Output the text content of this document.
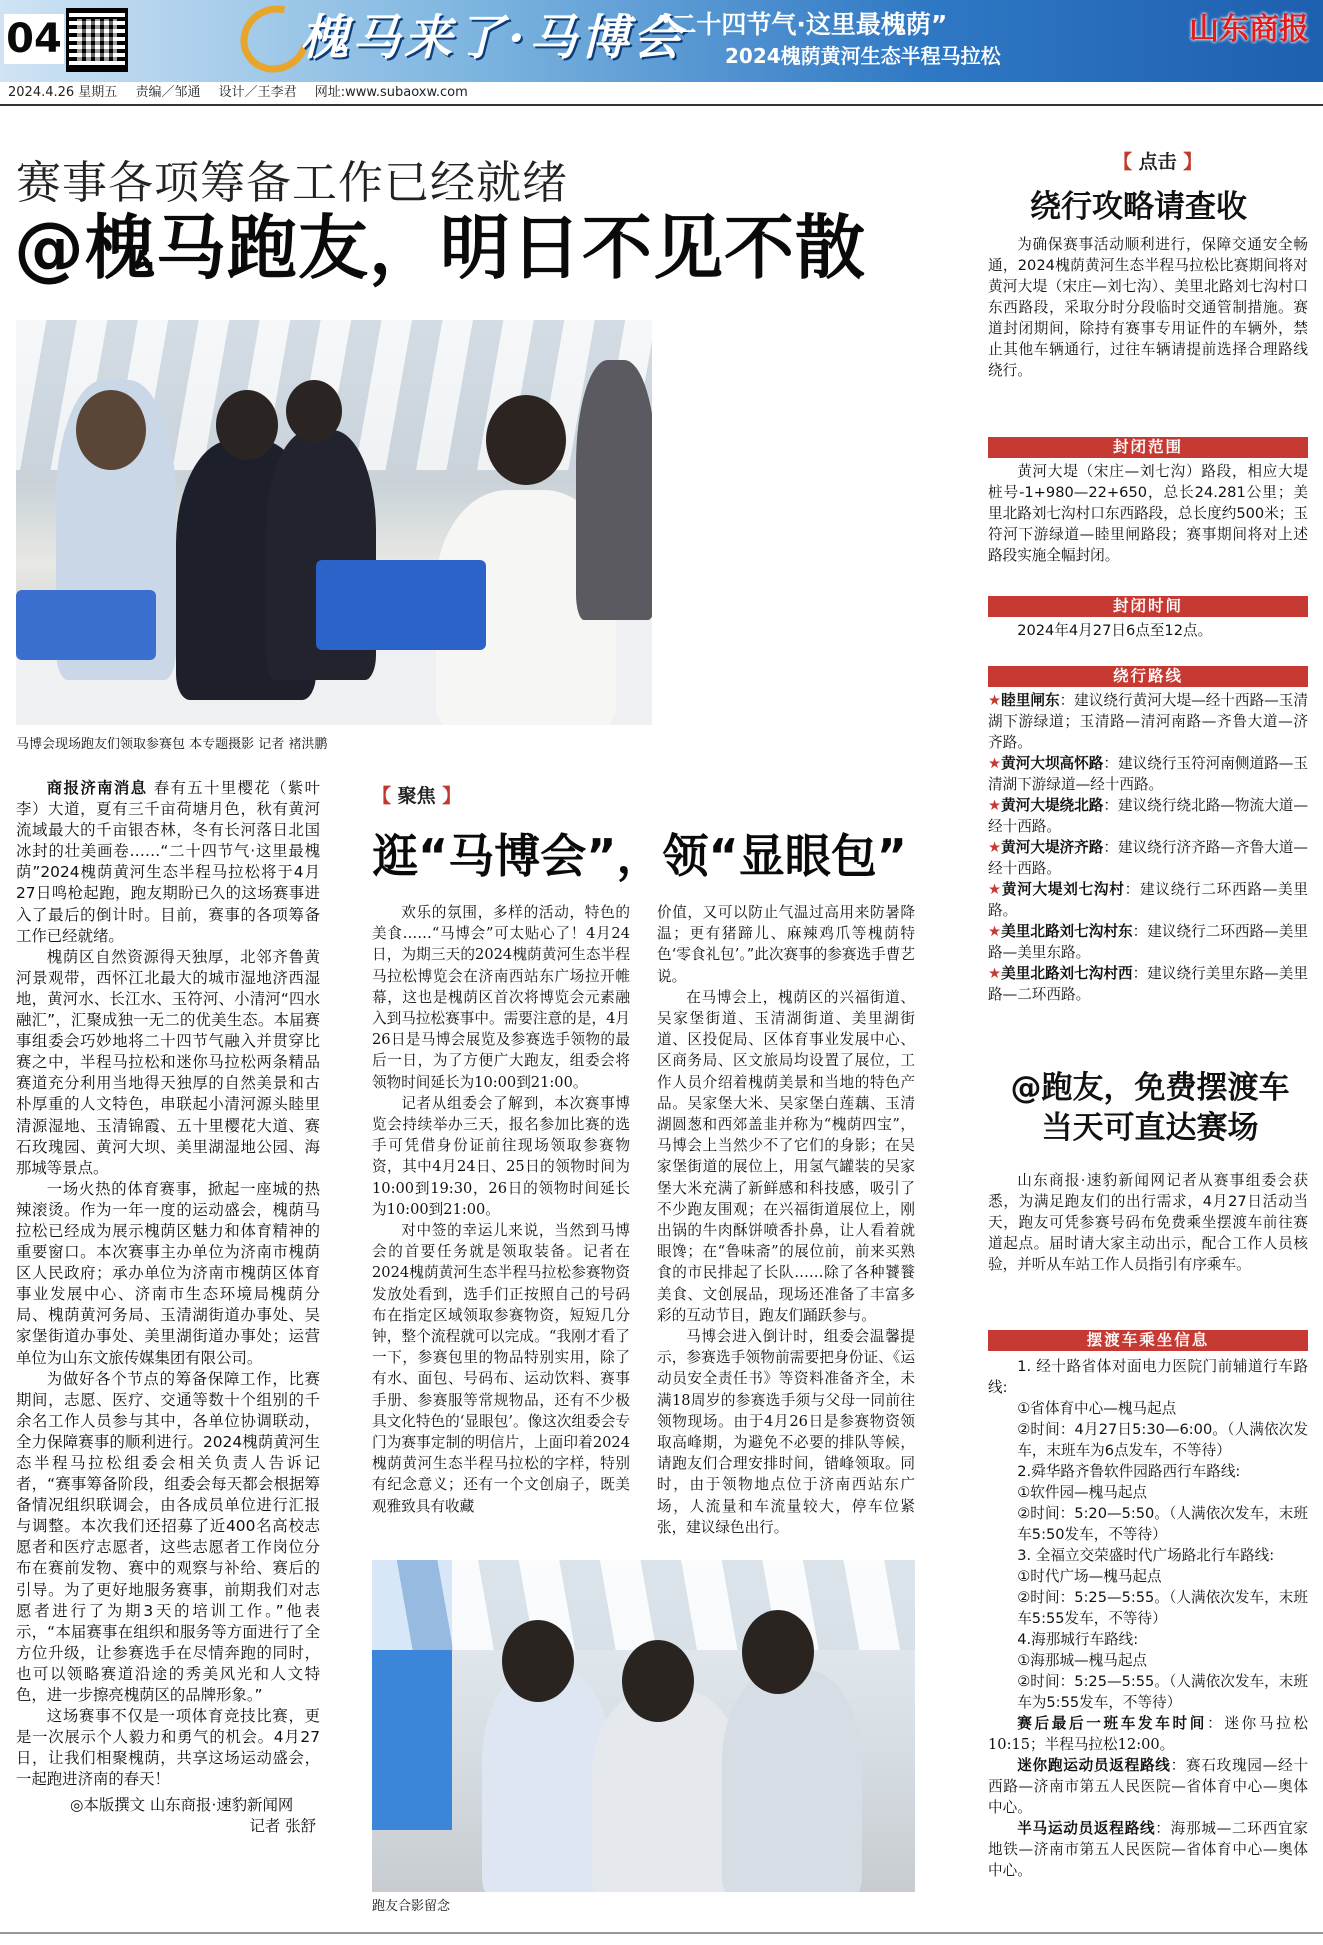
04	槐马来了·马博会
“二十四节气·这里最槐荫”
2024槐荫黄河生态半程马拉松
山东商报
2024.4.26 星期五 责编／邹通 设计／王李君 网址:www.subaoxw.com
赛事各项筹备工作已经就绪
@槐马跑友，明日不见不散
马博会现场跑友们领取参赛包 本专题摄影 记者 褚洪鹏

商报济南消息 春有五十里樱花（紫叶李）大道，夏有三千亩荷塘月色，秋有黄河流域最大的千亩银杏林，冬有长河落日北国冰封的壮美画卷……“二十四节气·这里最槐荫”2024槐荫黄河生态半程马拉松将于4月27日鸣枪起跑，跑友期盼已久的这场赛事进入了最后的倒计时。目前，赛事的各项筹备工作已经就绪。

槐荫区自然资源得天独厚，北邻齐鲁黄河景观带，西怀江北最大的城市湿地济西湿地，黄河水、长江水、玉符河、小清河“四水融汇”，汇聚成独一无二的优美生态。本届赛事组委会巧妙地将二十四节气融入并贯穿比赛之中，半程马拉松和迷你马拉松两条精品赛道充分利用当地得天独厚的自然美景和古朴厚重的人文特色，串联起小清河源头睦里清源湿地、玉清锦霞、五十里樱花大道、赛石玫瑰园、黄河大坝、美里湖湿地公园、海那城等景点。

一场火热的体育赛事，掀起一座城的热辣滚烫。作为一年一度的运动盛会，槐荫马拉松已经成为展示槐荫区魅力和体育精神的重要窗口。本次赛事主办单位为济南市槐荫区人民政府；承办单位为济南市槐荫区体育事业发展中心、济南市生态环境局槐荫分局、槐荫黄河务局、玉清湖街道办事处、吴家堡街道办事处、美里湖街道办事处；运营单位为山东文旅传媒集团有限公司。

为做好各个节点的筹备保障工作，比赛期间，志愿、医疗、交通等数十个组别的千余名工作人员参与其中，各单位协调联动，全力保障赛事的顺利进行。2024槐荫黄河生态半程马拉松组委会相关负责人告诉记者，“赛事筹备阶段，组委会每天都会根据筹备情况组织联调会，由各成员单位进行汇报与调整。本次我们还招募了近400名高校志愿者和医疗志愿者，这些志愿者工作岗位分布在赛前发物、赛中的观察与补给、赛后的引导。为了更好地服务赛事，前期我们对志愿者进行了为期3天的培训工作。”他表示，“本届赛事在组织和服务等方面进行了全方位升级，让参赛选手在尽情奔跑的同时，也可以领略赛道沿途的秀美风光和人文特色，进一步擦亮槐荫区的品牌形象。”

这场赛事不仅是一项体育竞技比赛，更是一次展示个人毅力和勇气的机会。4月27日，让我们相聚槐荫，共享这场运动盛会，一起跑进济南的春天！

◎本版撰文 山东商报·速豹新闻网

记者 张舒

【 聚焦 】
逛“马博会”，领“显眼包”

欢乐的氛围，多样的活动，特色的美食……“马博会”可太贴心了！4月24日，为期三天的2024槐荫黄河生态半程马拉松博览会在济南西站东广场拉开帷幕，这也是槐荫区首次将博览会元素融入到马拉松赛事中。需要注意的是，4月26日是马博会展览及参赛选手领物的最后一日，为了方便广大跑友，组委会将领物时间延长为10:00到21:00。

记者从组委会了解到，本次赛事博览会持续举办三天，报名参加比赛的选手可凭借身份证前往现场领取参赛物资，其中4月24日、25日的领物时间为10:00到19:30，26日的领物时间延长为10:00到21:00。

对中签的幸运儿来说，当然到马博会的首要任务就是领取装备。记者在2024槐荫黄河生态半程马拉松参赛物资发放处看到，选手们正按照自己的号码布在指定区域领取参赛物资，短短几分钟，整个流程就可以完成。“我刚才看了一下，参赛包里的物品特别实用，除了有水、面包、号码布、运动饮料、赛事手册、参赛服等常规物品，还有不少极具文化特色的‘显眼包’。像这次组委会专门为赛事定制的明信片，上面印着2024槐荫黄河生态半程马拉松的字样，特别有纪念意义；还有一个文创扇子，既美观雅致具有收藏

价值，又可以防止气温过高用来防暑降温；更有猪蹄儿、麻辣鸡爪等槐荫特色‘零食礼包’。”此次赛事的参赛选手曹艺说。

在马博会上，槐荫区的兴福街道、吴家堡街道、玉清湖街道、美里湖街道、区投促局、区体育事业发展中心、区商务局、区文旅局均设置了展位，工作人员介绍着槐荫美景和当地的特色产品。吴家堡大米、吴家堡白莲藕、玉清湖圆葱和西郊盖韭并称为“槐荫四宝”，马博会上当然少不了它们的身影；在吴家堡街道的展位上，用氢气罐装的吴家堡大米充满了新鲜感和科技感，吸引了不少跑友围观；在兴福街道展位上，刚出锅的牛肉酥饼喷香扑鼻，让人看着就眼馋；在“鲁味斋”的展位前，前来买熟食的市民排起了长队……除了各种饕餮美食、文创展品，现场还准备了丰富多彩的互动节目，跑友们踊跃参与。

马博会进入倒计时，组委会温馨提示，参赛选手领物前需要把身份证、《运动员安全责任书》等资料准备齐全，未满18周岁的参赛选手须与父母一同前往领物现场。由于4月26日是参赛物资领取高峰期，为避免不必要的排队等候，请跑友们合理安排时间，错峰领取。同时，由于领物地点位于济南西站东广场，人流量和车流量较大，停车位紧张，建议绿色出行。

跑友合影留念
【 点击 】
绕行攻略请查收

为确保赛事活动顺利进行，保障交通安全畅通，2024槐荫黄河生态半程马拉松比赛期间将对黄河大堤（宋庄—刘七沟）、美里北路刘七沟村口东西路段，采取分时分段临时交通管制措施。赛道封闭期间，除持有赛事专用证件的车辆外，禁止其他车辆通行，过往车辆请提前选择合理路线绕行。

封闭范围

黄河大堤（宋庄—刘七沟）路段，相应大堤桩号-1+980—22+650，总长24.281公里；美里北路刘七沟村口东西路段，总长度约500米；玉符河下游绿道—睦里闸路段；赛事期间将对上述路段实施全幅封闭。

封闭时间

2024年4月27日6点至12点。

绕行路线

★睦里闸东：建议绕行黄河大堤—经十西路—玉清湖下游绿道；玉清路—清河南路—齐鲁大道—济齐路。

★黄河大坝高怀路：建议绕行玉符河南侧道路—玉清湖下游绿道—经十西路。

★黄河大堤绕北路：建议绕行绕北路—物流大道—经十西路。

★黄河大堤济齐路：建议绕行济齐路—齐鲁大道—经十西路。

★黄河大堤刘七沟村：建议绕行二环西路—美里路。

★美里北路刘七沟村东：建议绕行二环西路—美里路—美里东路。

★美里北路刘七沟村西：建议绕行美里东路—美里路—二环西路。

@跑友，免费摆渡车当天可直达赛场

山东商报·速豹新闻网记者从赛事组委会获悉，为满足跑友们的出行需求，4月27日活动当天，跑友可凭参赛号码布免费乘坐摆渡车前往赛道起点。届时请大家主动出示，配合工作人员核验，并听从车站工作人员指引有序乘车。

摆渡车乘坐信息

1. 经十路省体对面电力医院门前辅道行车路线:

①省体育中心—槐马起点

②时间：4月27日5:30—6:00。（人满依次发车，末班车为6点发车，不等待）

2.舜华路齐鲁软件园路西行车路线:

①软件园—槐马起点

②时间：5:20—5:50。（人满依次发车，末班车5:50发车，不等待）

3. 全福立交荣盛时代广场路北行车路线:

①时代广场—槐马起点

②时间：5:25—5:55。（人满依次发车，末班车5:55发车，不等待）

4.海那城行车路线:

①海那城—槐马起点

②时间：5:25—5:55。（人满依次发车，末班车为5:55发车，不等待）

赛后最后一班车发车时间：迷你马拉松10:15；半程马拉松12:00。

迷你跑运动员返程路线：赛石玫瑰园—经十西路—济南市第五人民医院—省体育中心—奥体中心。

半马运动员返程路线：海那城—二环西宜家地铁—济南市第五人民医院—省体育中心—奥体中心。
